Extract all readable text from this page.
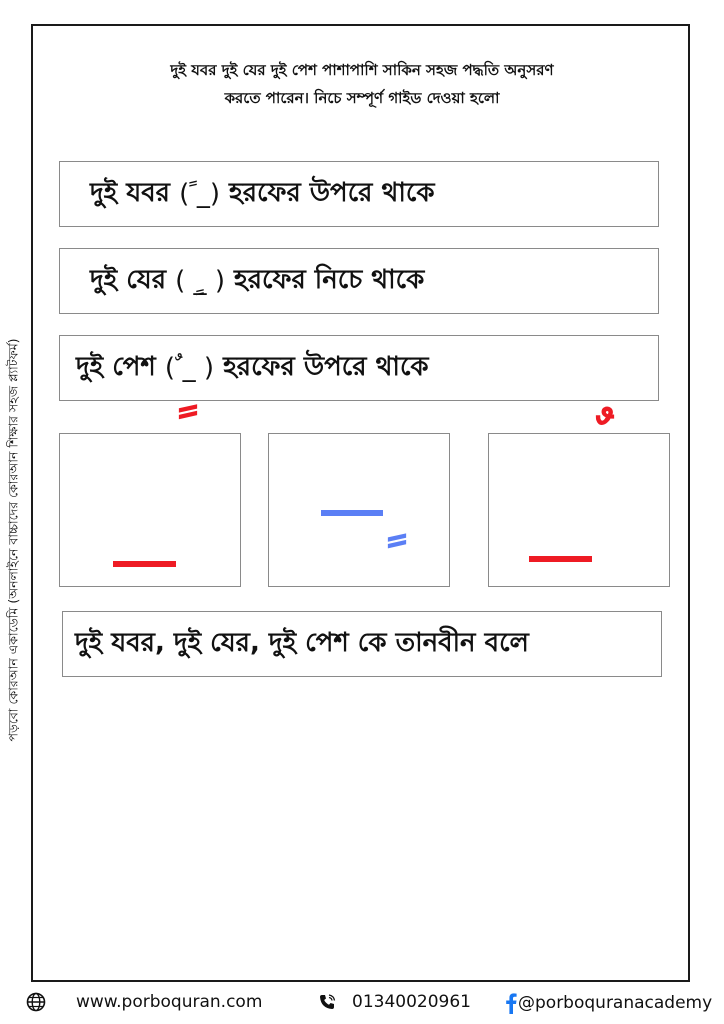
পড়বো কোরআন একাডেমি (অনলাইনে বাচ্চাদের কোরআন শিক্ষার সহজ প্ল্যাটফর্ম)
দুই যবর দুই যের দুই পেশ পাশাপাশি সাকিন সহজ পদ্ধতি অনুসরণ
করতে পারেন। নিচে সম্পূর্ণ গাইড দেওয়া হলো
দুই যবর
( ً_)
হরফের উপরে থাকে
দুই যের
( _ٍ )
হরফের নিচে থাকে
দুই পেশ
( ٌ_ )
হরফের উপরে থাকে
দুই যবর, দুই যের, দুই পেশ কে তানবীন বলে
www.porboquran.com	01340020961	@porboquranacademy
